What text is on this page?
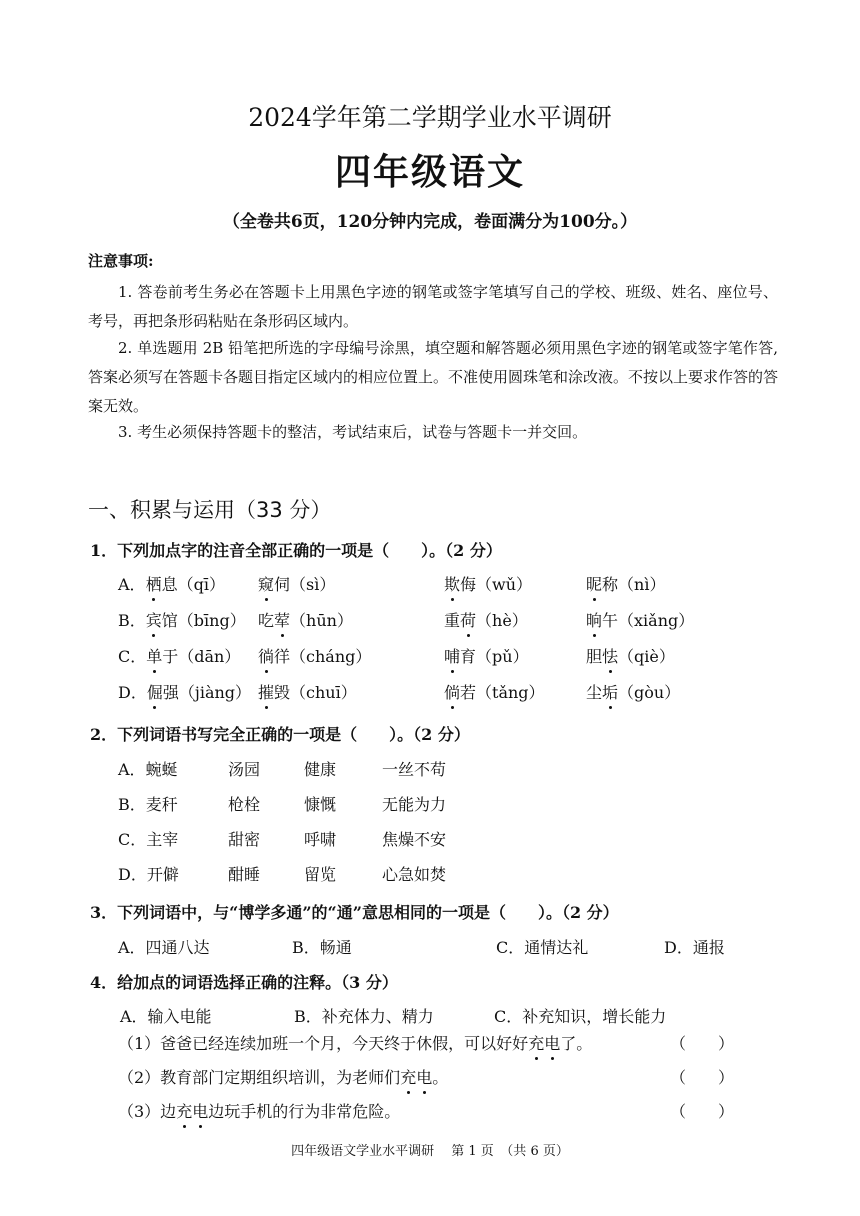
2024学年第二学期学业水平调研
四年级语文
（全卷共6页，120分钟内完成，卷面满分为100分。）
注意事项:
1. 答卷前考生务必在答题卡上用黑色字迹的钢笔或签字笔填写自己的学校、班级、姓名、座位号、考号，再把条形码粘贴在条形码区域内。
2. 单选题用 2B 铅笔把所选的字母编号涂黑，填空题和解答题必须用黑色字迹的钢笔或签字笔作答,答案必须写在答题卡各题目指定区域内的相应位置上。不准使用圆珠笔和涂改液。不按以上要求作答的答案无效。
3. 考生必须保持答题卡的整洁，考试结束后，试卷与答题卡一并交回。
一、积累与运用（33 分）
1．下列加点字的注音全部正确的一项是（　　）。（2 分）
A．栖息（qī） 窥伺（sì）	欺侮（wǔ）	昵称（nì）
B．宾馆（bīng） 吃荤（hūn）	重荷（hè）	晌午（xiǎng）
C．单于（dān） 徜徉（cháng）	哺育（pǔ）	胆怯（qiè）
D．倔强（jiàng） 摧毁（chuī）	倘若（tǎng）	尘垢（gòu）
2．下列词语书写完全正确的一项是（　　）。（2 分）
A．蜿蜒	汤园	健康	一丝不苟
B．麦秆	枪栓	慷慨	无能为力
C．主宰	甜密	呼啸	焦燥不安
D．开僻	酣睡	留览	心急如焚
3．下列词语中，与“博学多通”的“通”意思相同的一项是（　　）。（2 分）
A．四通八达	B．畅通	C．通情达礼	D．通报
4．给加点的词语选择正确的注释。（3 分）
A．输入电能	B．补充体力、精力	C．补充知识，增长能力
（1）爸爸已经连续加班一个月，今天终于休假，可以好好充电了。	（　　）
（2）教育部门定期组织培训，为老师们充电。	（　　）
（3）边充电边玩手机的行为非常危险。	（　　）
四年级语文学业水平调研　 第 1 页　（共 6 页）
